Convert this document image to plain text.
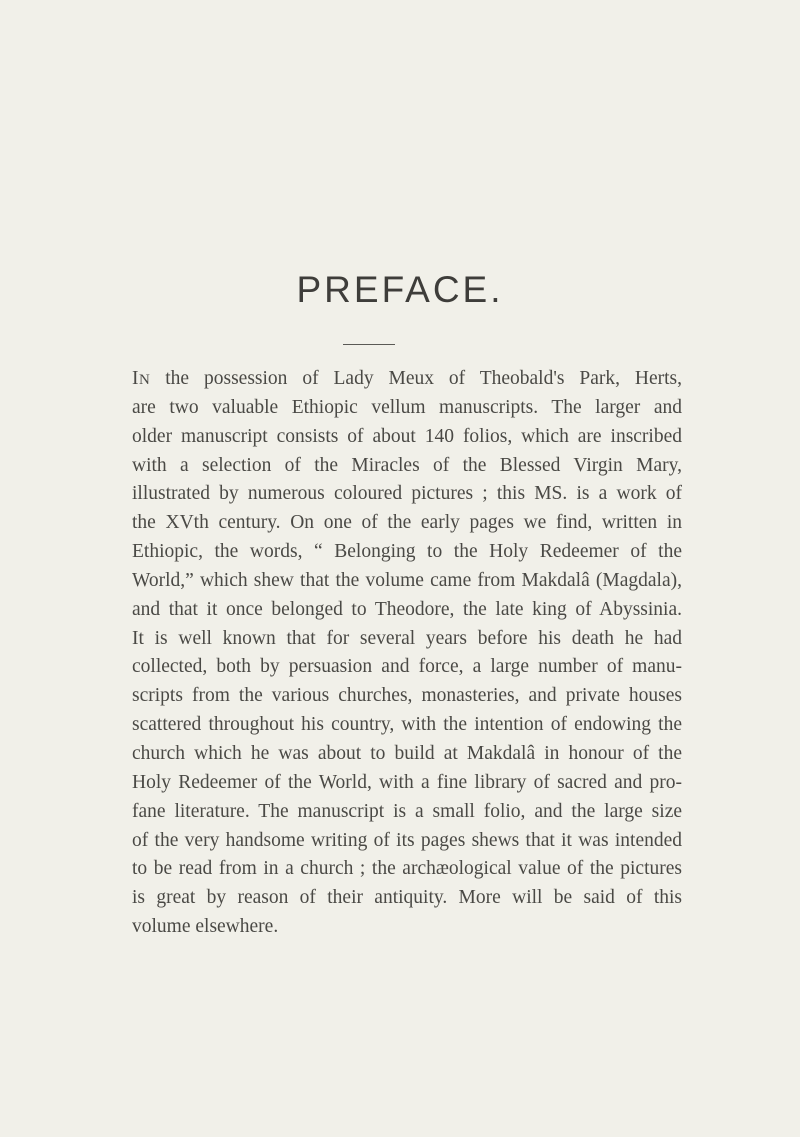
PREFACE.
IN the possession of Lady Meux of Theobald's Park, Herts,
are two valuable Ethiopic vellum manuscripts. The larger and
older manuscript consists of about 140 folios, which are inscribed
with a selection of the Miracles of the Blessed Virgin Mary,
illustrated by numerous coloured pictures ; this MS. is a work of
the XVth century. On one of the early pages we find, written in
Ethiopic, the words, “ Belonging to the Holy Redeemer of the
World,” which shew that the volume came from Makdalâ (Magdala),
and that it once belonged to Theodore, the late king of Abyssinia.
It is well known that for several years before his death he had
collected, both by persuasion and force, a large number of manu-
scripts from the various churches, monasteries, and private houses
scattered throughout his country, with the intention of endowing the
church which he was about to build at Makdalâ in honour of the
Holy Redeemer of the World, with a fine library of sacred and pro-
fane literature. The manuscript is a small folio, and the large size
of the very handsome writing of its pages shews that it was intended
to be read from in a church ; the archæological value of the pictures
is great by reason of their antiquity. More will be said of this
volume elsewhere.
